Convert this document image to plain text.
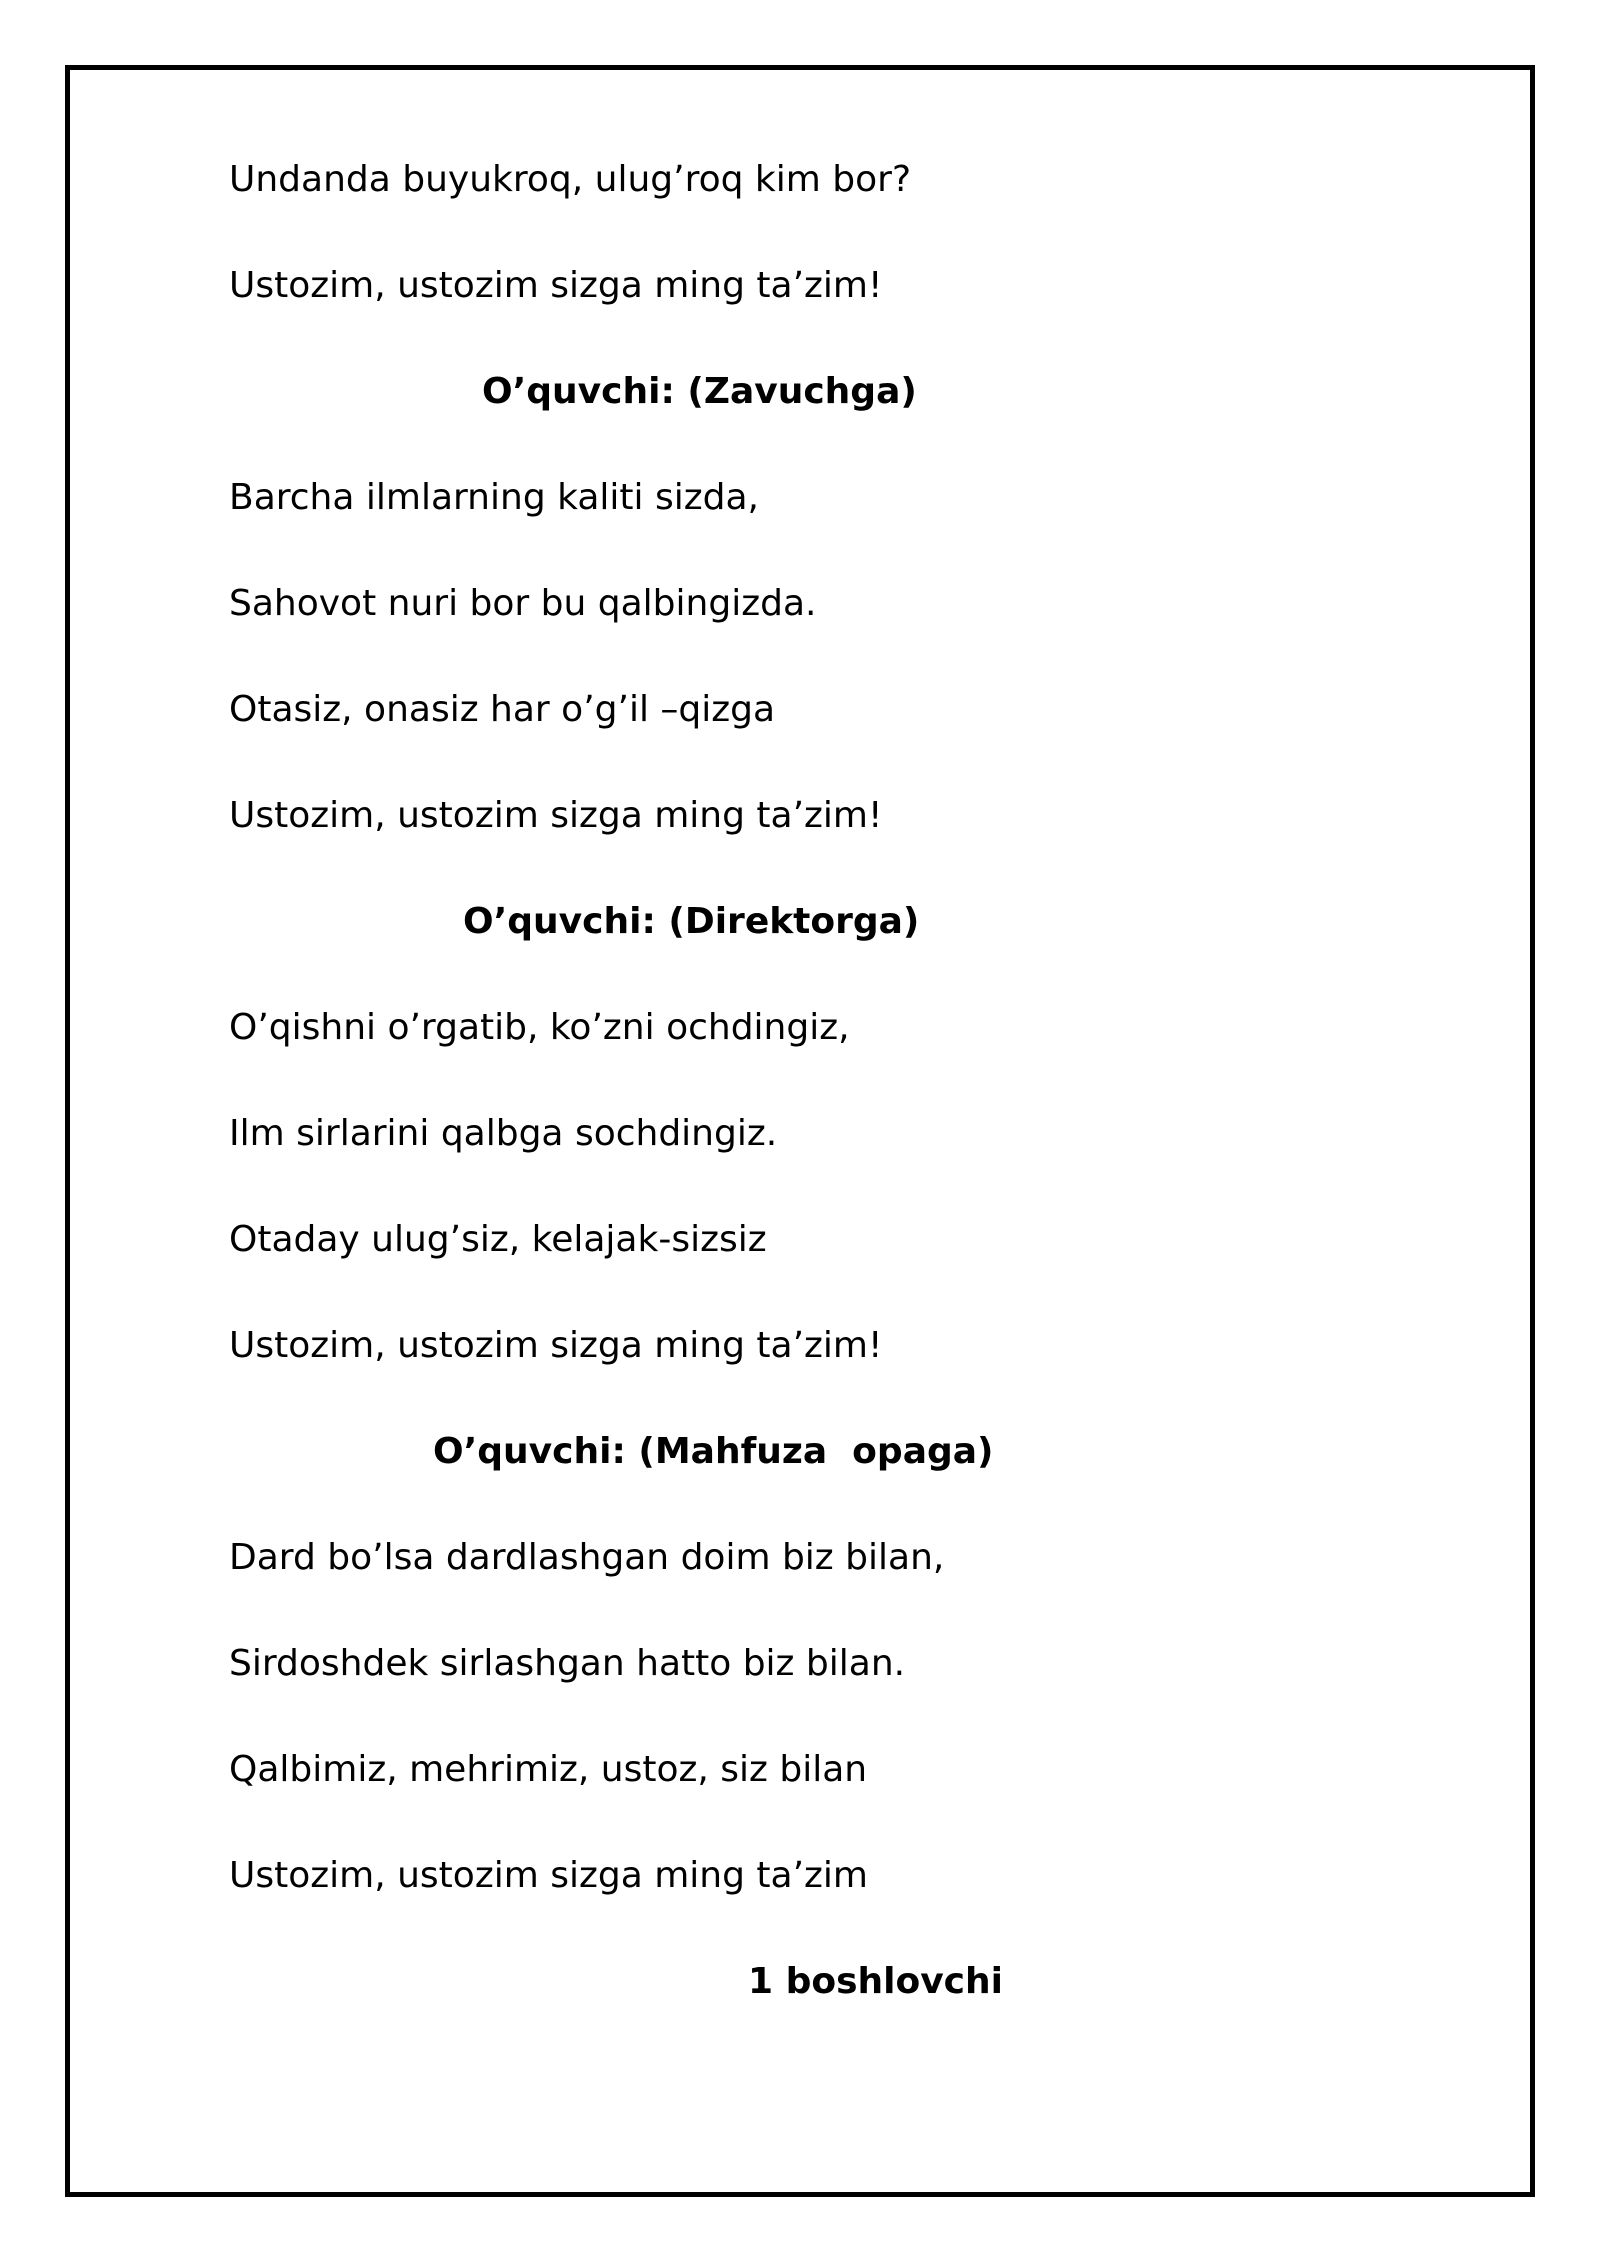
Undanda buyukroq, ulug’roq kim bor?
Ustozim, ustozim sizga ming ta’zim!
O’quvchi: (Zavuchga)
Barcha ilmlarning kaliti sizda,
Sahovot nuri bor bu qalbingizda.
Otasiz, onasiz har o’g’il –qizga
Ustozim, ustozim sizga ming ta’zim!
O’quvchi: (Direktorga)
O’qishni o’rgatib, ko’zni ochdingiz,
Ilm sirlarini qalbga sochdingiz.
Otaday ulug’siz, kelajak-sizsiz
Ustozim, ustozim sizga ming ta’zim!
O’quvchi: (Mahfuza  opaga)
Dard bo’lsa dardlashgan doim biz bilan,
Sirdoshdek sirlashgan hatto biz bilan.
Qalbimiz, mehrimiz, ustoz, siz bilan
Ustozim, ustozim sizga ming ta’zim
1 boshlovchi
